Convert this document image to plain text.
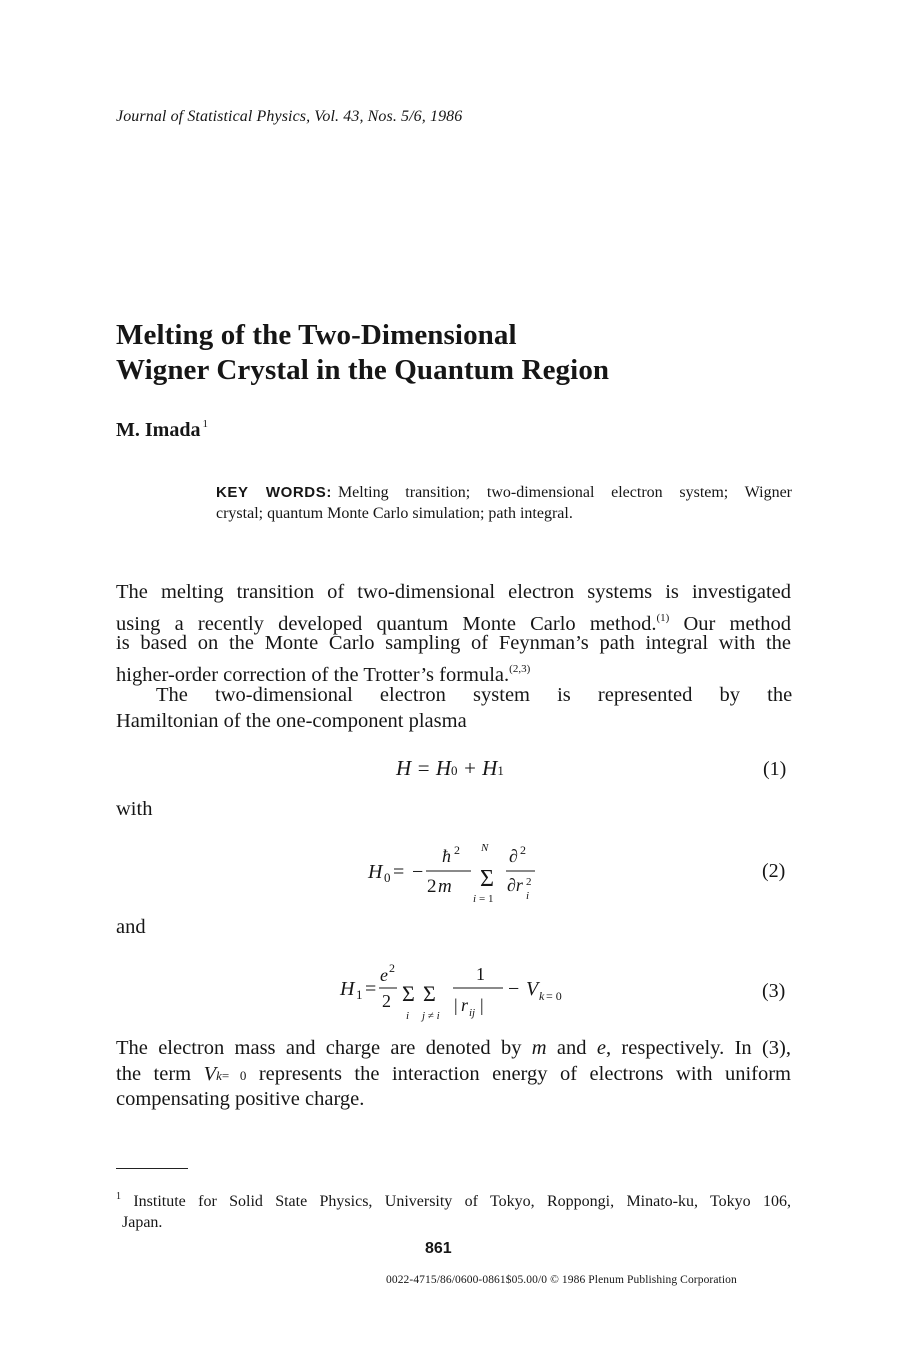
Journal of Statistical Physics, Vol. 43, Nos. 5/6, 1986
Melting of the Two-Dimensional
Wigner Crystal in the Quantum Region
M. Imada $^1$
KEY WORDS: Melting transition; two-dimensional electron system; Wigner
crystal; quantum Monte Carlo simulation; path integral.
The melting transition of two-dimensional electron systems is investigated
using a recently developed quantum Monte Carlo method.$^{(1)}$ Our method
is based on the Monte Carlo sampling of Feynman’s path integral with the
higher-order correction of the Trotter’s formula.$^{(2,3)}$
The two-dimensional electron system is represented by the
Hamiltonian of the one-component plasma
H = H0 + H1	(1)
with
H 0 = −
ħ 2
2 m
N
Σ
i = 1
∂ 2
∂r 2
i
(2)
and
H 1 =
e 2
2 Σ Σ
i j ≠ i
1
| r ij |
− V k = 0	(3)
The electron mass and charge are denoted by m and e, respectively. In (3),
the term Vk= 0 represents the interaction energy of electrons with uniform
compensating positive charge.
$^1$ Institute for Solid State Physics, University of Tokyo, Roppongi, Minato-ku, Tokyo 106,
Japan.
861
0022-4715/86/0600-0861$05.00/0 © 1986 Plenum Publishing Corporation
